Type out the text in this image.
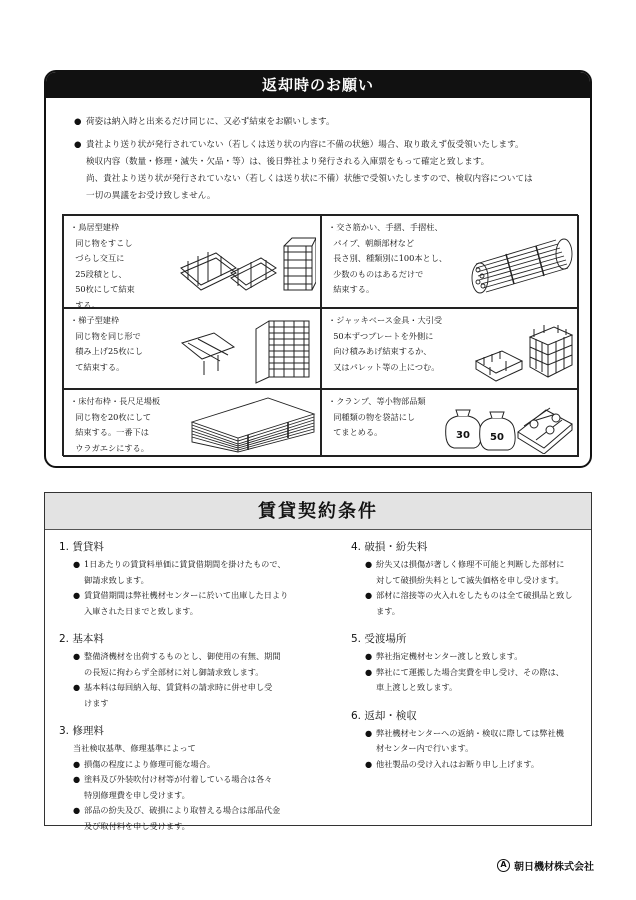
返却時のお願い
● 荷姿は納入時と出来るだけ同じに、又必ず結束をお願いします。
● 貴社より送り状が発行されていない（若しくは送り状の内容に不備の状態）場合、取り敢えず仮受領いたします。
検収内容（数量・修理・滅失・欠品・等）は、後日弊社より発行される入庫票をもって確定と致します。
尚、貴社より送り状が発行されていない（若しくは送り状に不備）状態で受領いたしますので、検収内容については
一切の異議をお受け致しません。
・鳥居型建枠
同じ物をすこし
づらし交互に
25段積とし、
50枚にして結束
する。
・交さ筋かい、手摺、手摺柱、
パイプ、朝顔部材など
長さ別、種類別に100本とし、
少数のものはあるだけで
結束する。
・梯子型建枠
同じ物を同じ形で
積み上げ25枚にし
て結束する。
・ジャッキベース金具・大引受
50本ずつプレートを外側に
向け積みあげ結束するか、
又はパレット等の上につむ。
・床付布枠・長尺足場板
同じ物を20枚にして
結束する。一番下は
ウラガエシにする。
・クランプ、等小物部品類
同種類の物を袋詰にし
てまとめる。	30 50
賃貸契約条件
1. 賃貸料
● 1日あたりの賃貸料単価に賃貸借期間を掛けたもので、
御請求致します。
● 賃貸借期間は弊社機材センターに於いて出庫した日より
入庫された日までと致します。
2. 基本料
● 整備済機材を出荷するものとし、御使用の有無、期間
の長短に拘わらず全部材に対し御請求致します。
● 基本料は毎回納入毎、賃貸料の請求時に併せ申し受
けます
3. 修理料
当社検収基準、修理基準によって
● 損傷の程度により修理可能な場合。
● 塗料及び外装吹付け材等が付着している場合は各々
特別修理費を申し受けます。
● 部品の紛失及び、破損により取替える場合は部品代金
及び取付料を申し受けます。
4. 破損・紛失料
● 紛失又は損傷が著しく修理不可能と判断した部材に
対して破損紛失料として滅失価格を申し受けます。
● 部材に溶接等の火入れをしたものは全て破損品と致し
ます。
5. 受渡場所
● 弊社指定機材センター渡しと致します。
● 弊社にて運搬した場合実費を申し受け、その際は、
車上渡しと致します。
6. 返却・検収
● 弊社機材センターへの返納・検収に際しては弊社機
材センター内で行います。
● 他社製品の受け入れはお断り申し上げます。
A 朝日機材株式会社
